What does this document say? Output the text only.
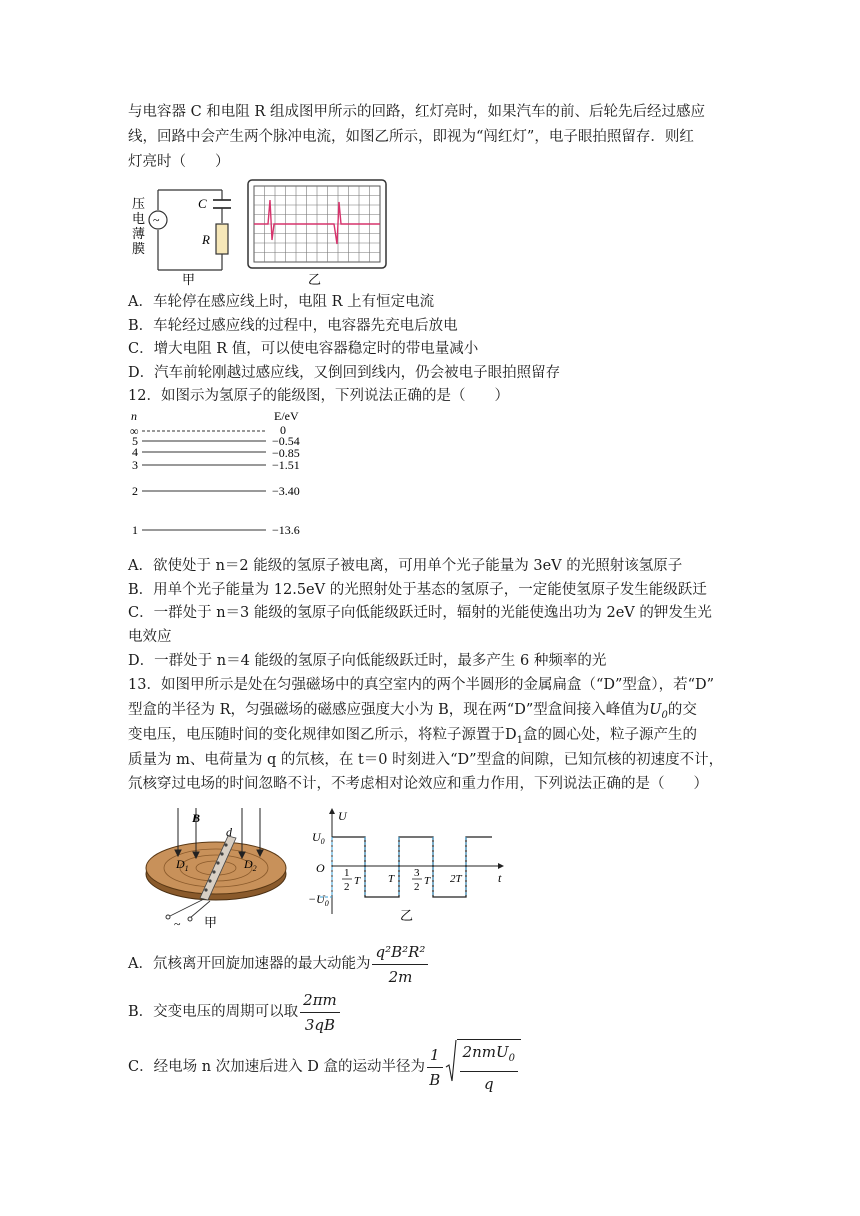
与电容器 C 和电阻 R 组成图甲所示的回路，红灯亮时，如果汽车的前、后轮先后经过感应
线，回路中会产生两个脉冲电流，如图乙所示，即视为“闯红灯”，电子眼拍照留存．则红
灯亮时（　　）
压
电
薄
膜
~
C
R
甲	乙
A．车轮停在感应线上时，电阻 R 上有恒定电流
B．车轮经过感应线的过程中，电容器先充电后放电
C．增大电阻 R 值，可以使电容器稳定时的带电量减小
D．汽车前轮刚越过感应线，又倒回到线内，仍会被电子眼拍照留存
12．如图示为氢原子的能级图，下列说法正确的是（　　）
n	E/eV
∞	0
5	−0.54
4	−0.85
3	−1.51
2	−3.40
1	−13.6
A．欲使处于 n＝2 能级的氢原子被电离，可用单个光子能量为 3eV 的光照射该氢原子
B．用单个光子能量为 12.5eV 的光照射处于基态的氢原子，一定能使氢原子发生能级跃迁
C．一群处于 n＝3 能级的氢原子向低能级跃迁时，辐射的光能使逸出功为 2eV 的钾发生光
电效应
D．一群处于 n＝4 能级的氢原子向低能级跃迁时，最多产生 6 种频率的光
13．如图甲所示是处在匀强磁场中的真空室内的两个半圆形的金属扁盒（“D”型盒），若“D”
型盒的半径为 R，匀强磁场的磁感应强度大小为 B，现在两“D”型盒间接入峰值为$U_0$的交
变电压，电压随时间的变化规律如图乙所示，将粒子源置于$D_1$盒的圆心处，粒子源产生的
质量为 m、电荷量为 q 的氘核，在 t＝0 时刻进入“D”型盒的间隙，已知氘核的初速度不计，
氘核穿过电场的时间忽略不计，不考虑相对论效应和重力作用，下列说法正确的是（　　）
B
d
$D_1$	$D_2$
~ 甲
U
t
O
$U_0$
$-U_0$
1
2 T	T 3
2 T 2T
乙
A．氘核离开回旋加速器的最大动能为 $\frac{\text{q²B²R²}}{2m}$
B．交变电压的周期可以取 $\frac{2\pi m}{3qB}$
C．经电场 n 次加速后进入 D 盒的运动半径为 $\frac{1}{B} \frac{2nmU_0}{q}$
